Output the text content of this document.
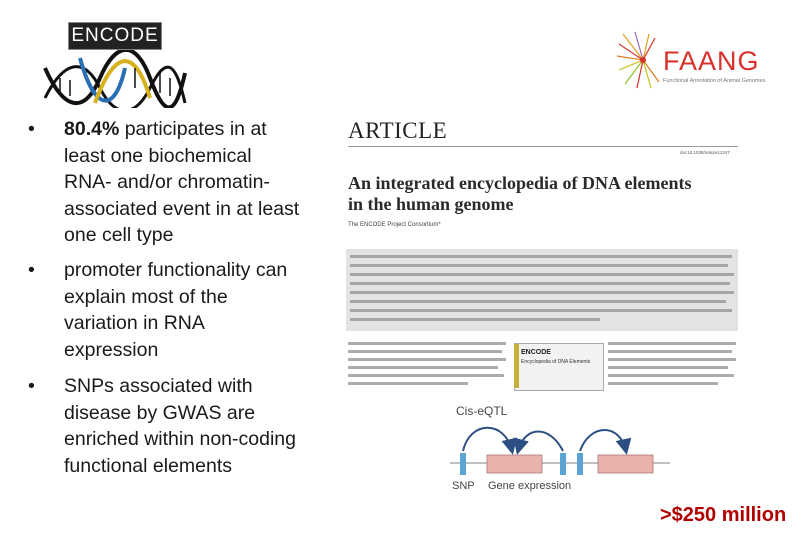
ENCODE
•	80.4% participates in at least one biochemical RNA- and/or chromatin-associated event in at least one cell type
•	promoter functionality can explain most of the variation in RNA expression
•	SNPs associated with disease by GWAS are enriched within non-coding functional elements
FAANG
Functional Annotation of Animal Genomes
ARTICLE
doi:10.1038/nature11247
An integrated encyclopedia of DNA elements in the human genome
The ENCODE Project Consortium*
ENCODE
Encyclopedia of DNA Elements
Cis-eQTL
SNP Gene expression
>$250 million
